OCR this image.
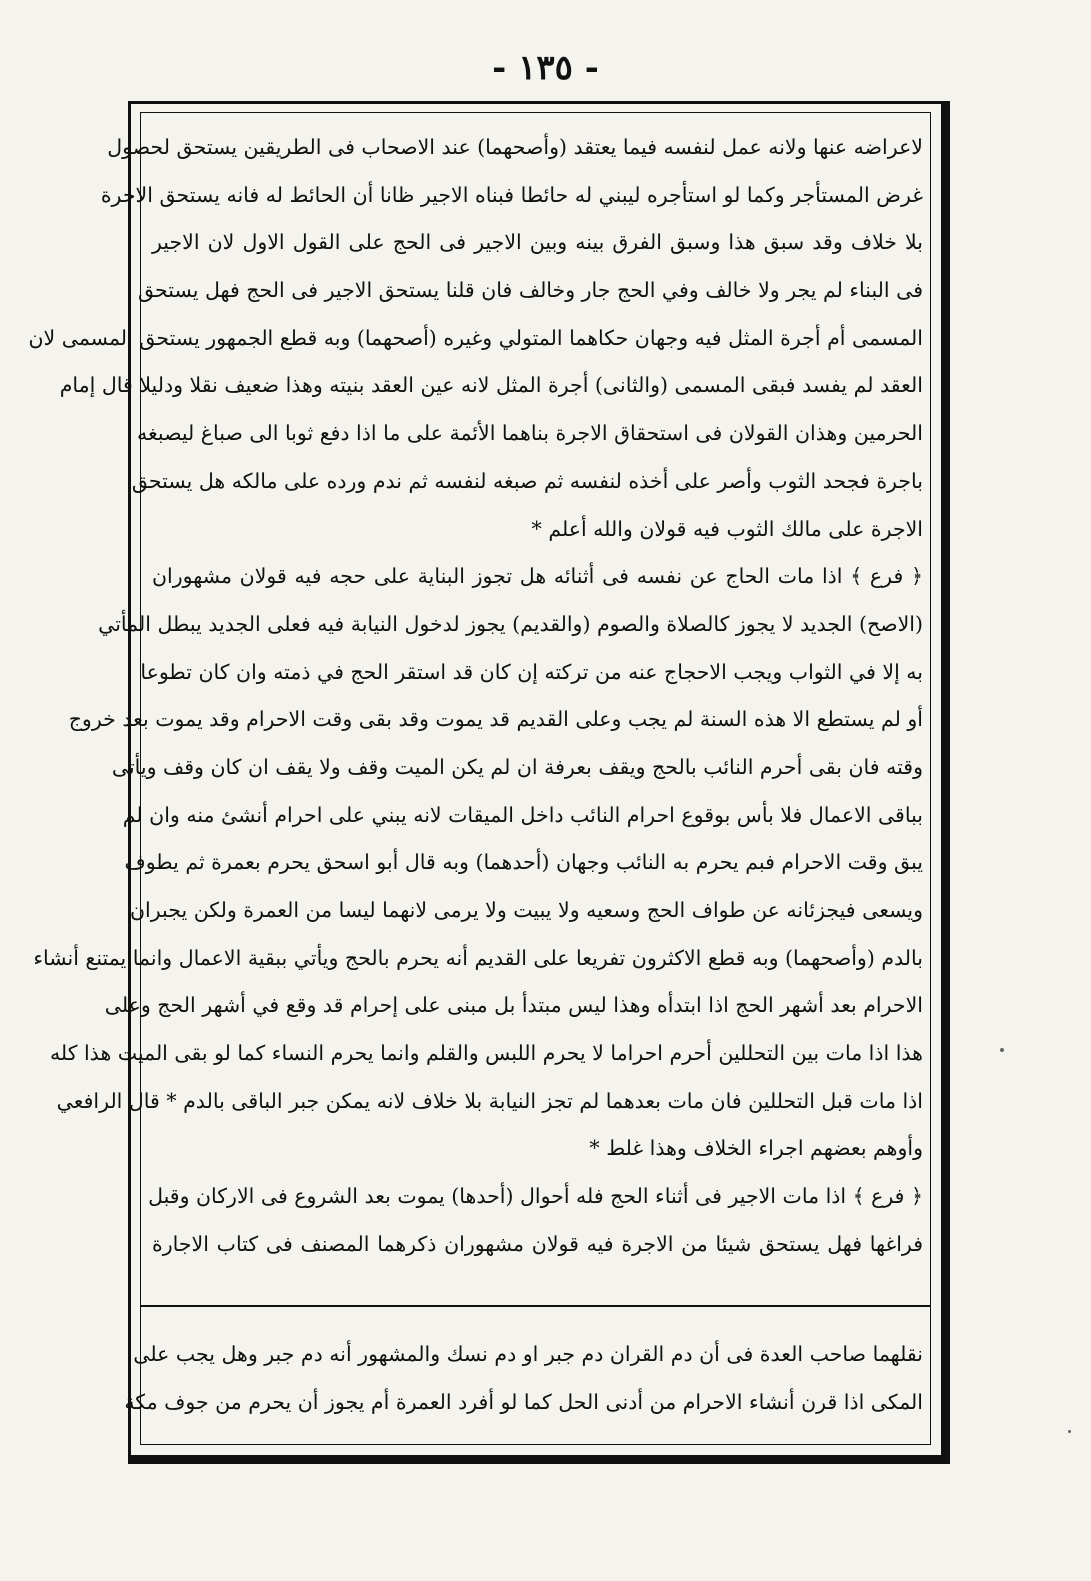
- ١٣٥ -
لاعراضه عنها ولانه عمل لنفسه فيما يعتقد (وأصحهما) عند الاصحاب فى الطريقين يستحق لحصول
غرض المستأجر وكما لو استأجره ليبني له حائطا فبناه الاجير ظانا أن الحائط له فانه يستحق الاجرة
بلا خلاف وقد سبق هذا وسبق الفرق بينه وبين الاجير فى الحج على القول الاول لان الاجير
فى البناء لم يجر ولا خالف وفي الحج جار وخالف فان قلنا يستحق الاجير فى الحج فهل يستحق
المسمى أم أجرة المثل فيه وجهان حكاهما المتولي وغيره (أصحهما) وبه قطع الجمهور يستحق المسمى لان
العقد لم يفسد فبقى المسمى (والثانى) أجرة المثل لانه عين العقد بنيته وهذا ضعيف نقلا ودليلا قال إمام
الحرمين وهذان القولان فى استحقاق الاجرة بناهما الأئمة على ما اذا دفع ثوبا الى صباغ ليصبغه
باجرة فجحد الثوب وأصر على أخذه لنفسه ثم صبغه لنفسه ثم ندم ورده على مالكه هل يستحق
الاجرة على مالك الثوب فيه قولان والله أعلم *
﴿ فرع ﴾ اذا مات الحاج عن نفسه فى أثنائه هل تجوز البناية على حجه فيه قولان مشهوران
(الاصح) الجديد لا يجوز كالصلاة والصوم (والقديم) يجوز لدخول النيابة فيه فعلى الجديد يبطل المأتي
به إلا في الثواب ويجب الاحجاج عنه من تركته إن كان قد استقر الحج في ذمته وان كان تطوعا
أو لم يستطع الا هذه السنة لم يجب وعلى القديم قد يموت وقد بقى وقت الاحرام وقد يموت بعد خروج
وقته فان بقى أحرم النائب بالحج ويقف بعرفة ان لم يكن الميت وقف ولا يقف ان كان وقف ويأتى
بباقى الاعمال فلا بأس بوقوع احرام النائب داخل الميقات لانه يبني على احرام أنشئ منه وان لم
يبق وقت الاحرام فبم يحرم به النائب وجهان (أحدهما) وبه قال أبو اسحق يحرم بعمرة ثم يطوف
ويسعى فيجزئانه عن طواف الحج وسعيه ولا يبيت ولا يرمى لانهما ليسا من العمرة ولكن يجبران
بالدم (وأصحهما) وبه قطع الاكثرون تفريعا على القديم أنه يحرم بالحج ويأتي ببقية الاعمال وانما يمتنع أنشاء
الاحرام بعد أشهر الحج اذا ابتدأه وهذا ليس مبتدأ بل مبنى على إحرام قد وقع في أشهر الحج وعلى
هذا اذا مات بين التحللين أحرم احراما لا يحرم اللبس والقلم وانما يحرم النساء كما لو بقى الميت هذا كله
اذا مات قبل التحللين فان مات بعدهما لم تجز النيابة بلا خلاف لانه يمكن جبر الباقى بالدم * قال الرافعي
وأوهم بعضهم اجراء الخلاف وهذا غلط *
﴿ فرع ﴾ اذا مات الاجير فى أثناء الحج فله أحوال (أحدها) يموت بعد الشروع فى الاركان وقبل
فراغها فهل يستحق شيئا من الاجرة فيه قولان مشهوران ذكرهما المصنف فى كتاب الاجارة
نقلهما صاحب العدة فى أن دم القران دم جبر او دم نسك والمشهور أنه دم جبر وهل يجب على
المكى اذا قرن أنشاء الاحرام من أدنى الحل كما لو أفرد العمرة أم يجوز أن يحرم من جوف مكة
